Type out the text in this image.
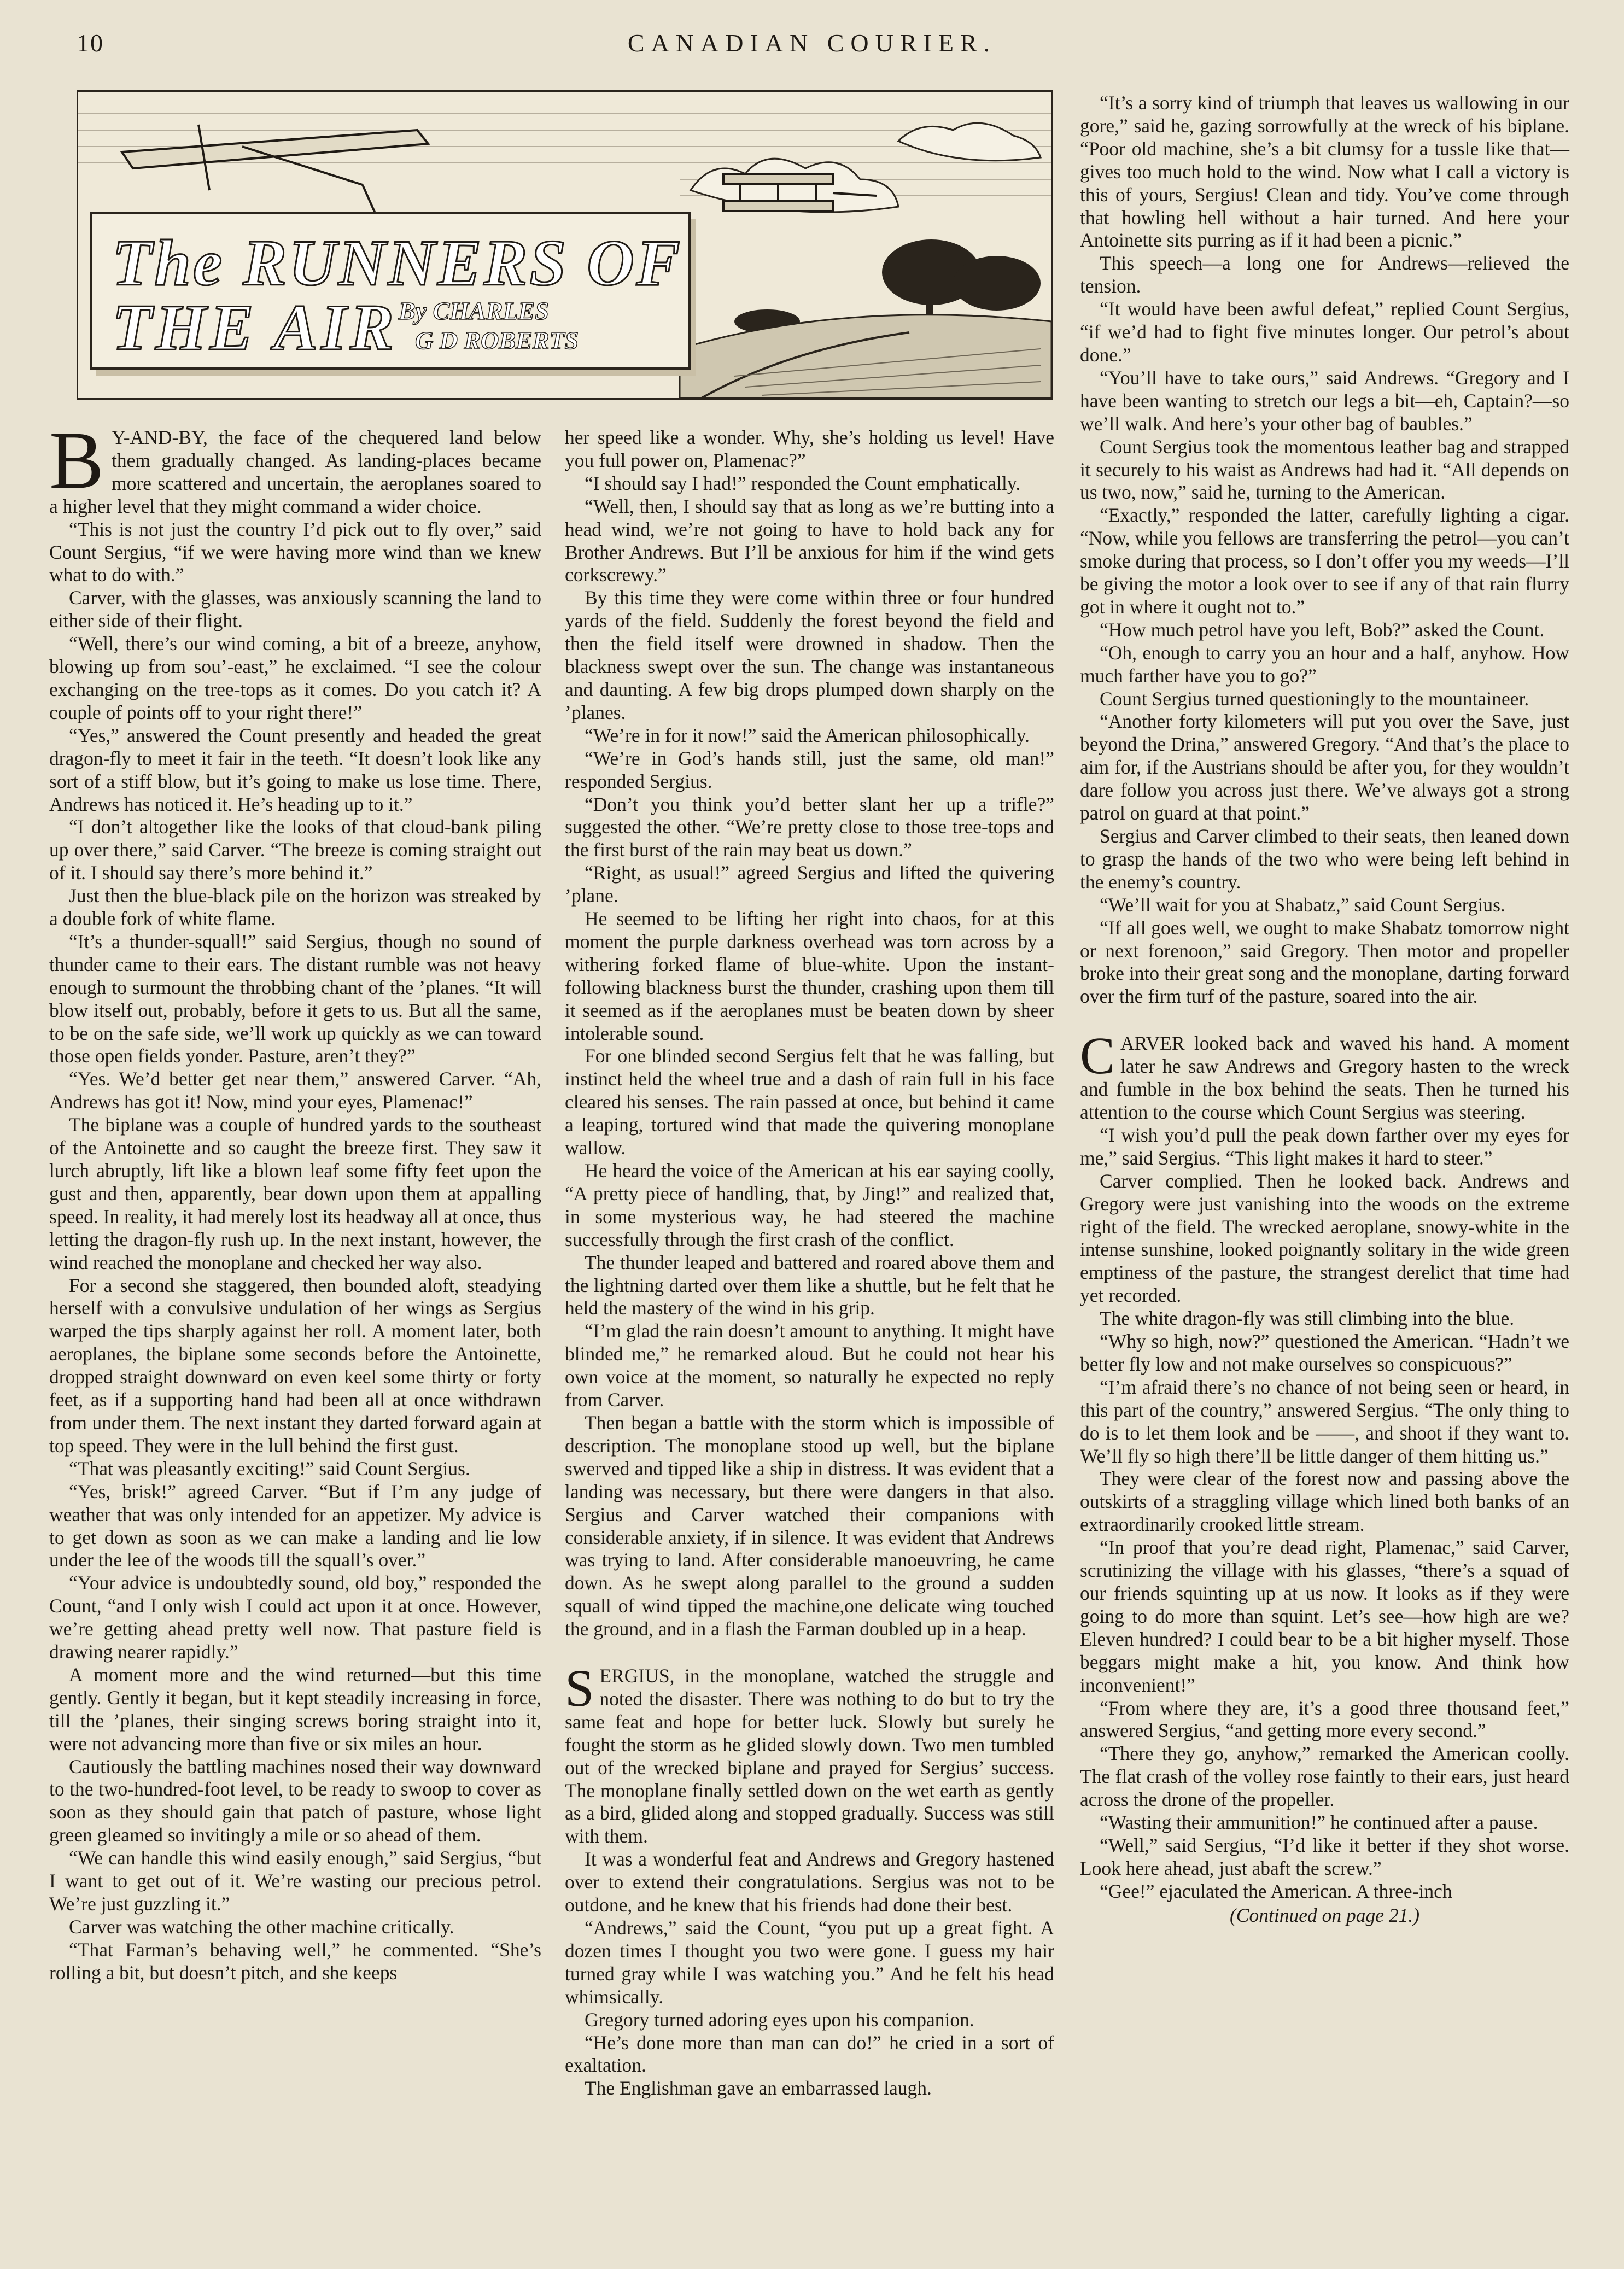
10	CANADIAN COURIER.
The RUNNERS OF
THE AIR By CHARLES
G D ROBERTS

B Y-AND-BY, the face of the chequered land below them gradually changed. As landing-places became more scattered and uncertain, the aeroplanes soared to a higher level that they might command a wider choice.

“This is not just the country I’d pick out to fly over,” said Count Sergius, “if we were having more wind than we knew what to do with.”

Carver, with the glasses, was anxiously scanning the land to either side of their flight.

“Well, there’s our wind coming, a bit of a breeze, anyhow, blowing up from sou’-east,” he exclaimed. “I see the colour exchanging on the tree-tops as it comes. Do you catch it? A couple of points off to your right there!”

“Yes,” answered the Count presently and headed the great dragon-fly to meet it fair in the teeth. “It doesn’t look like any sort of a stiff blow, but it’s going to make us lose time. There, Andrews has noticed it. He’s heading up to it.”

“I don’t altogether like the looks of that cloud-bank piling up over there,” said Carver. “The breeze is coming straight out of it. I should say there’s more behind it.”

Just then the blue-black pile on the horizon was streaked by a double fork of white flame.

“It’s a thunder-squall!” said Sergius, though no sound of thunder came to their ears. The distant rumble was not heavy enough to surmount the throbbing chant of the ’planes. “It will blow itself out, probably, before it gets to us. But all the same, to be on the safe side, we’ll work up quickly as we can toward those open fields yonder. Pasture, aren’t they?”

“Yes. We’d better get near them,” answered Carver. “Ah, Andrews has got it! Now, mind your eyes, Plamenac!”

The biplane was a couple of hundred yards to the southeast of the Antoinette and so caught the breeze first. They saw it lurch abruptly, lift like a blown leaf some fifty feet upon the gust and then, apparently, bear down upon them at appalling speed. In reality, it had merely lost its headway all at once, thus letting the dragon-fly rush up. In the next instant, however, the wind reached the monoplane and checked her way also.

For a second she staggered, then bounded aloft, steadying herself with a convulsive undulation of her wings as Sergius warped the tips sharply against her roll. A moment later, both aeroplanes, the biplane some seconds before the Antoinette, dropped straight downward on even keel some thirty or forty feet, as if a supporting hand had been all at once withdrawn from under them. The next instant they darted forward again at top speed. They were in the lull behind the first gust.

“That was pleasantly exciting!” said Count Sergius.

“Yes, brisk!” agreed Carver. “But if I’m any judge of weather that was only intended for an appetizer. My advice is to get down as soon as we can make a landing and lie low under the lee of the woods till the squall’s over.”

“Your advice is undoubtedly sound, old boy,” responded the Count, “and I only wish I could act upon it at once. However, we’re getting ahead pretty well now. That pasture field is drawing nearer rapidly.”

A moment more and the wind returned—but this time gently. Gently it began, but it kept steadily increasing in force, till the ’planes, their singing screws boring straight into it, were not advancing more than five or six miles an hour.

Cautiously the battling machines nosed their way downward to the two-hundred-foot level, to be ready to swoop to cover as soon as they should gain that patch of pasture, whose light green gleamed so invitingly a mile or so ahead of them.

“We can handle this wind easily enough,” said Sergius, “but I want to get out of it. We’re wasting our precious petrol. We’re just guzzling it.”

Carver was watching the other machine critically.

“That Farman’s behaving well,” he commented. “She’s rolling a bit, but doesn’t pitch, and she keeps

her speed like a wonder. Why, she’s holding us level! Have you full power on, Plamenac?”

“I should say I had!” responded the Count emphatically.

“Well, then, I should say that as long as we’re butting into a head wind, we’re not going to have to hold back any for Brother Andrews. But I’ll be anxious for him if the wind gets corkscrewy.”

By this time they were come within three or four hundred yards of the field. Suddenly the forest beyond the field and then the field itself were drowned in shadow. Then the blackness swept over the sun. The change was instantaneous and daunting. A few big drops plumped down sharply on the ’planes.

“We’re in for it now!” said the American philosophically.

“We’re in God’s hands still, just the same, old man!” responded Sergius.

“Don’t you think you’d better slant her up a trifle?” suggested the other. “We’re pretty close to those tree-tops and the first burst of the rain may beat us down.”

“Right, as usual!” agreed Sergius and lifted the quivering ’plane.

He seemed to be lifting her right into chaos, for at this moment the purple darkness overhead was torn across by a withering forked flame of blue-white. Upon the instant- following blackness burst the thunder, crashing upon them till it seemed as if the aeroplanes must be beaten down by sheer intolerable sound.

For one blinded second Sergius felt that he was falling, but instinct held the wheel true and a dash of rain full in his face cleared his senses. The rain passed at once, but behind it came a leaping, tortured wind that made the quivering monoplane wallow.

He heard the voice of the American at his ear saying coolly, “A pretty piece of handling, that, by Jing!” and realized that, in some mysterious way, he had steered the machine successfully through the first crash of the conflict.

The thunder leaped and battered and roared above them and the lightning darted over them like a shuttle, but he felt that he held the mastery of the wind in his grip.

“I’m glad the rain doesn’t amount to anything. It might have blinded me,” he remarked aloud. But he could not hear his own voice at the moment, so naturally he expected no reply from Carver.

Then began a battle with the storm which is impossible of description. The monoplane stood up well, but the biplane swerved and tipped like a ship in distress. It was evident that a landing was necessary, but there were dangers in that also. Sergius and Carver watched their companions with considerable anxiety, if in silence. It was evident that Andrews was trying to land. After considerable manoeuvring, he came down. As he swept along parallel to the ground a sudden squall of wind tipped the machine,one delicate wing touched the ground, and in a flash the Farman doubled up in a heap.

SERGIUS, in the monoplane, watched the struggle and noted the disaster. There was nothing to do but to try the same feat and hope for better luck. Slowly but surely he fought the storm as he glided slowly down. Two men tumbled out of the wrecked biplane and prayed for Sergius’ success. The monoplane finally settled down on the wet earth as gently as a bird, glided along and stopped gradually. Success was still with them.

It was a wonderful feat and Andrews and Gregory hastened over to extend their congratulations. Sergius was not to be outdone, and he knew that his friends had done their best.

“Andrews,” said the Count, “you put up a great fight. A dozen times I thought you two were gone. I guess my hair turned gray while I was watching you.” And he felt his head whimsically.

Gregory turned adoring eyes upon his companion.

“He’s done more than man can do!” he cried in a sort of exaltation.

The Englishman gave an embarrassed laugh.

“It’s a sorry kind of triumph that leaves us wallowing in our gore,” said he, gazing sorrowfully at the wreck of his biplane. “Poor old machine, she’s a bit clumsy for a tussle like that—gives too much hold to the wind. Now what I call a victory is this of yours, Sergius! Clean and tidy. You’ve come through that howling hell without a hair turned. And here your Antoinette sits purring as if it had been a picnic.”

This speech—a long one for Andrews—relieved the tension.

“It would have been awful defeat,” replied Count Sergius, “if we’d had to fight five minutes longer. Our petrol’s about done.”

“You’ll have to take ours,” said Andrews. “Gregory and I have been wanting to stretch our legs a bit—eh, Captain?—so we’ll walk. And here’s your other bag of baubles.”

Count Sergius took the momentous leather bag and strapped it securely to his waist as Andrews had had it. “All depends on us two, now,” said he, turning to the American.

“Exactly,” responded the latter, carefully lighting a cigar. “Now, while you fellows are transferring the petrol—you can’t smoke during that process, so I don’t offer you my weeds—I’ll be giving the motor a look over to see if any of that rain flurry got in where it ought not to.”

“How much petrol have you left, Bob?” asked the Count.

“Oh, enough to carry you an hour and a half, anyhow. How much farther have you to go?”

Count Sergius turned questioningly to the mountaineer.

“Another forty kilometers will put you over the Save, just beyond the Drina,” answered Gregory. “And that’s the place to aim for, if the Austrians should be after you, for they wouldn’t dare follow you across just there. We’ve always got a strong patrol on guard at that point.”

Sergius and Carver climbed to their seats, then leaned down to grasp the hands of the two who were being left behind in the enemy’s country.

“We’ll wait for you at Shabatz,” said Count Sergius.

“If all goes well, we ought to make Shabatz tomorrow night or next forenoon,” said Gregory. Then motor and propeller broke into their great song and the monoplane, darting forward over the firm turf of the pasture, soared into the air.

CARVER looked back and waved his hand. A moment later he saw Andrews and Gregory hasten to the wreck and fumble in the box behind the seats. Then he turned his attention to the course which Count Sergius was steering.

“I wish you’d pull the peak down farther over my eyes for me,” said Sergius. “This light makes it hard to steer.”

Carver complied. Then he looked back. Andrews and Gregory were just vanishing into the woods on the extreme right of the field. The wrecked aeroplane, snowy-white in the intense sunshine, looked poignantly solitary in the wide green emptiness of the pasture, the strangest derelict that time had yet recorded.

The white dragon-fly was still climbing into the blue.

“Why so high, now?” questioned the American. “Hadn’t we better fly low and not make ourselves so conspicuous?”

“I’m afraid there’s no chance of not being seen or heard, in this part of the country,” answered Sergius. “The only thing to do is to let them look and be ——, and shoot if they want to. We’ll fly so high there’ll be little danger of them hitting us.”

They were clear of the forest now and passing above the outskirts of a straggling village which lined both banks of an extraordinarily crooked little stream.

“In proof that you’re dead right, Plamenac,” said Carver, scrutinizing the village with his glasses, “there’s a squad of our friends squinting up at us now. It looks as if they were going to do more than squint. Let’s see—how high are we? Eleven hundred? I could bear to be a bit higher myself. Those beggars might make a hit, you know. And think how inconvenient!”

“From where they are, it’s a good three thousand feet,” answered Sergius, “and getting more every second.”

“There they go, anyhow,” remarked the American coolly. The flat crash of the volley rose faintly to their ears, just heard across the drone of the propeller.

“Wasting their ammunition!” he continued after a pause.

“Well,” said Sergius, “I’d like it better if they shot worse. Look here ahead, just abaft the screw.”

“Gee!” ejaculated the American. A three-inch

(Continued on page 21.)
